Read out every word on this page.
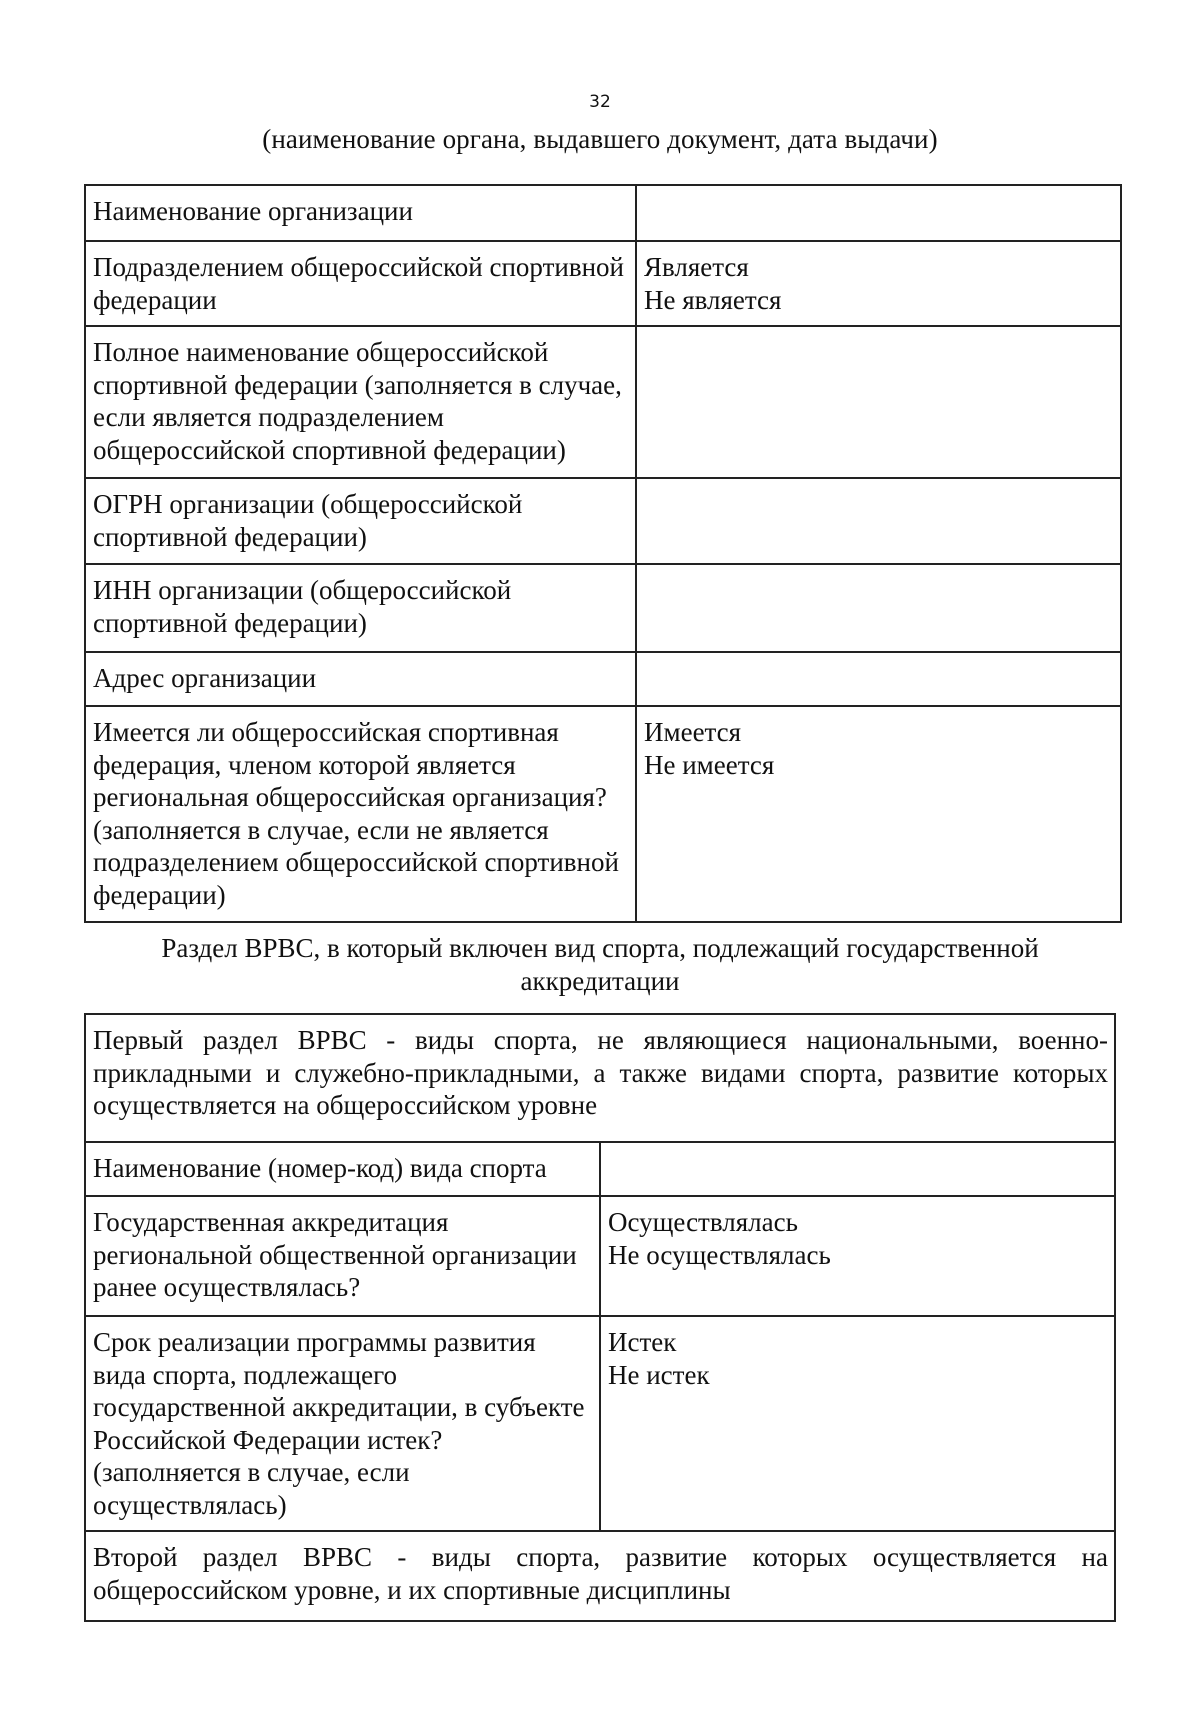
32
(наименование органа, выдавшего документ, дата выдачи)
Наименование организации	
Подразделением общероссийской спортивной федерации	Является
Не является

Полное наименование общероссийской спортивной федерации (заполняется в случае, если является подразделением общероссийской спортивной федерации)	
ОГРН организации (общероссийской спортивной федерации)	
ИНН организации (общероссийской спортивной федерации)	
Адрес организации	
Имеется ли общероссийская спортивная федерация, членом которой является региональная общероссийская организация? (заполняется в случае, если не является подразделением общероссийской спортивной федерации)	Имеется
Не имеется
Раздел ВРВС, в который включен вид спорта, подлежащий государственной аккредитации
Первый раздел ВРВС - виды спорта, не являющиеся национальными, военно-прикладными и служебно-прикладными, а также видами спорта, развитие которых осуществляется на общероссийском уровне	
Наименование (номер-код) вида спорта	
Государственная аккредитация региональной общественной организации ранее осуществлялась?	Осуществлялась
Не осуществлялась

Срок реализации программы развития вида спорта, подлежащего государственной аккредитации, в субъекте Российской Федерации истек? (заполняется в случае, если осуществлялась)	Истек
Не истек

Второй раздел ВРВС - виды спорта, развитие которых осуществляется на общероссийском уровне, и их спортивные дисциплины	
